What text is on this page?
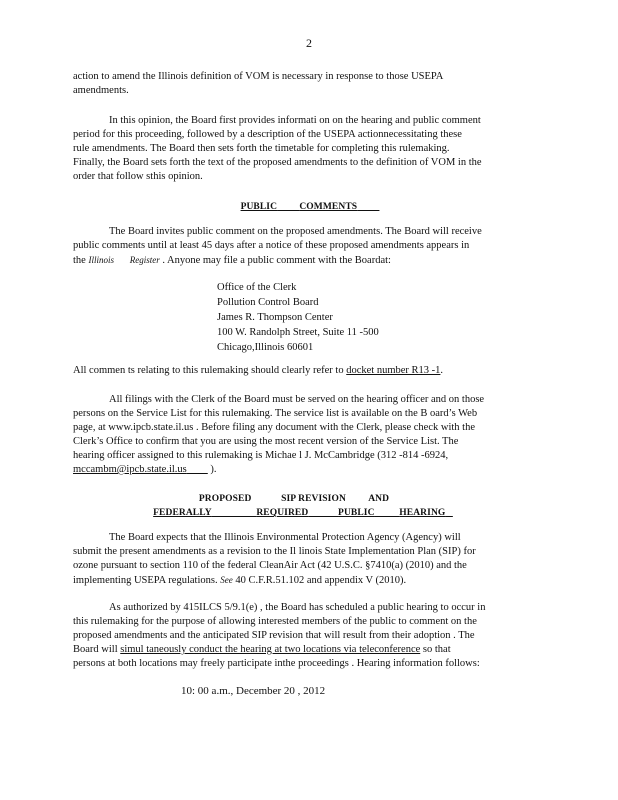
2

action to amend the Illinois definition of VOM is necessary in response to those USEPA

amendments.

In this opinion, the Board first provides informati on on the hearing and public comment

period for this proceeding, followed by a description of the USEPA actionnecessitating these

rule amendments. The Board then sets forth the timetable for completing this rulemaking.

Finally, the Board sets forth the text of the proposed amendments to the definition of VOM in the

order that follow sthis opinion.

PUBLIC COMMENTS

The Board invites public comment on the proposed amendments. The Board will receive

public comments until at least 45 days after a notice of these proposed amendments appears in

the Illinois Register . Anyone may file a public comment with the Boardat:

Office of the Clerk
Pollution Control Board
James R. Thompson Center
100 W. Randolph Street, Suite 11 -500
Chicago,Illinois 60601

All commen ts relating to this rulemaking should clearly refer to docket number R13 -1.

All filings with the Clerk of the Board must be served on the hearing officer and on those

persons on the Service List for this rulemaking. The service list is available on the B oard’s Web

page, at www.ipcb.state.il.us . Before filing any document with the Clerk, please check with the

Clerk’s Office to confirm that you are using the most recent version of the Service List. The

hearing officer assigned to this rulemaking is Michae l J. McCambridge (312 -814 -6924,

mccambm@ipcb.state.il.us         ).

PROPOSED	SIP REVISION AND
FEDERALLY	REQUIRED	PUBLIC	HEARING

The Board expects that the Illinois Environmental Protection Agency (Agency) will

submit the present amendments as a revision to the Il linois State Implementation Plan (SIP) for

ozone pursuant to section 110 of the federal CleanAir Act (42 U.S.C. §7410(a) (2010) and the

implementing USEPA regulations. See 40 C.F.R.51.102 and appendix V (2010).

As authorized by 415ILCS 5/9.1(e) , the Board has scheduled a public hearing to occur in

this rulemaking for the purpose of allowing interested members of the public to comment on the

proposed amendments and the anticipated SIP revision that will result from their adoption . The

Board will simul taneously conduct the hearing at two locations via teleconference so that

persons at both locations may freely participate inthe proceedings . Hearing information follows:

10: 00 a.m., December 20 , 2012
